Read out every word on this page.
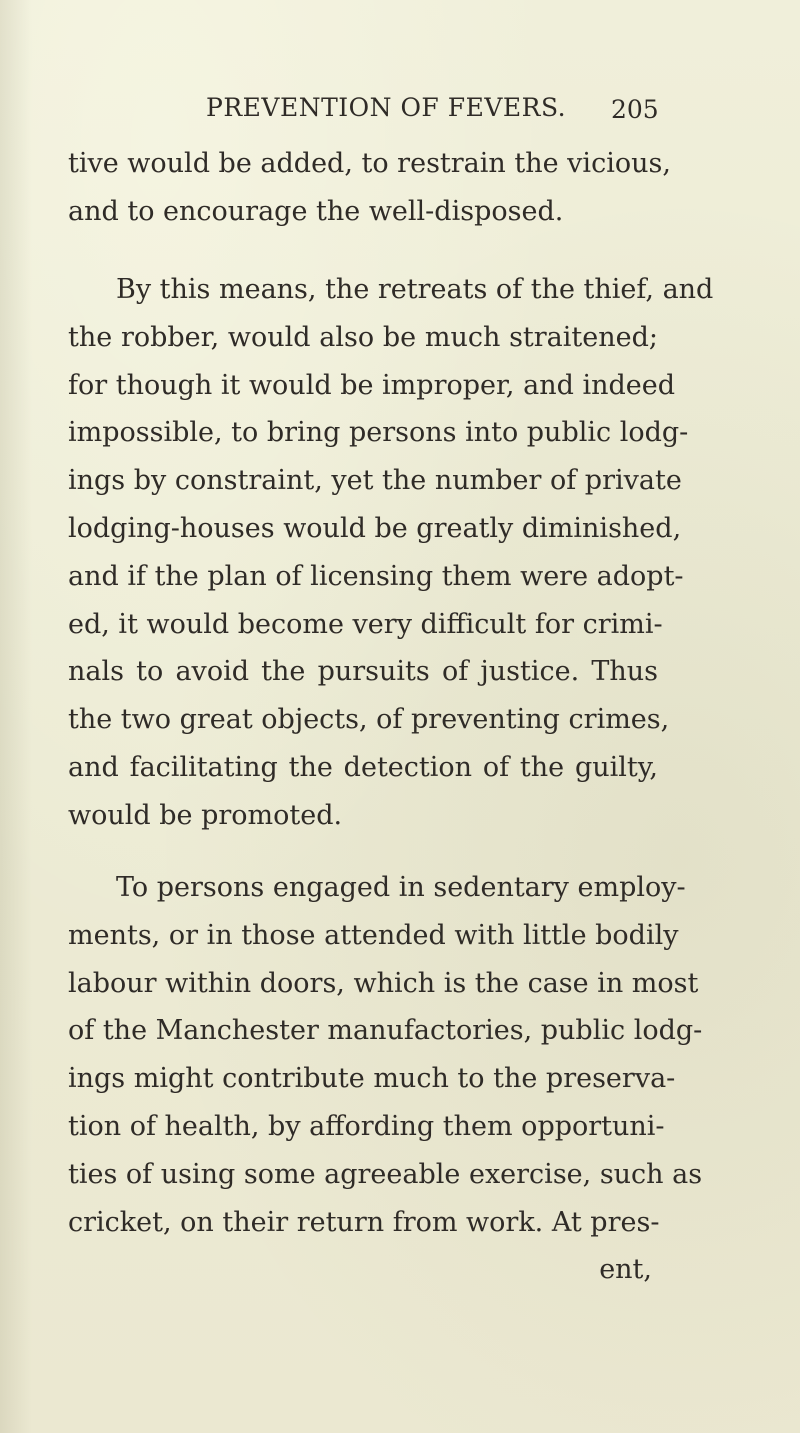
PREVENTION OF FEVERS.	205
tive would be added, to restrain the vicious,
and to encourage the well-disposed.
By this means, the retreats of the thief, and
the robber, would also be much straitened;
for though it would be improper, and indeed
impossible, to bring persons into public lodg-
ings by constraint, yet the number of private
lodging-houses would be greatly diminished,
and if the plan of licensing them were adopt-
ed, it would become very difficult for crimi-
nals to avoid the pursuits of justice. Thus
the two great objects, of preventing crimes,
and facilitating the detection of the guilty,
would be promoted.
To persons engaged in sedentary employ-
ments, or in those attended with little bodily
labour within doors, which is the case in most
of the Manchester manufactories, public lodg-
ings might contribute much to the preserva-
tion of health, by affording them opportuni-
ties of using some agreeable exercise, such as
cricket, on their return from work. At pres-
ent,
